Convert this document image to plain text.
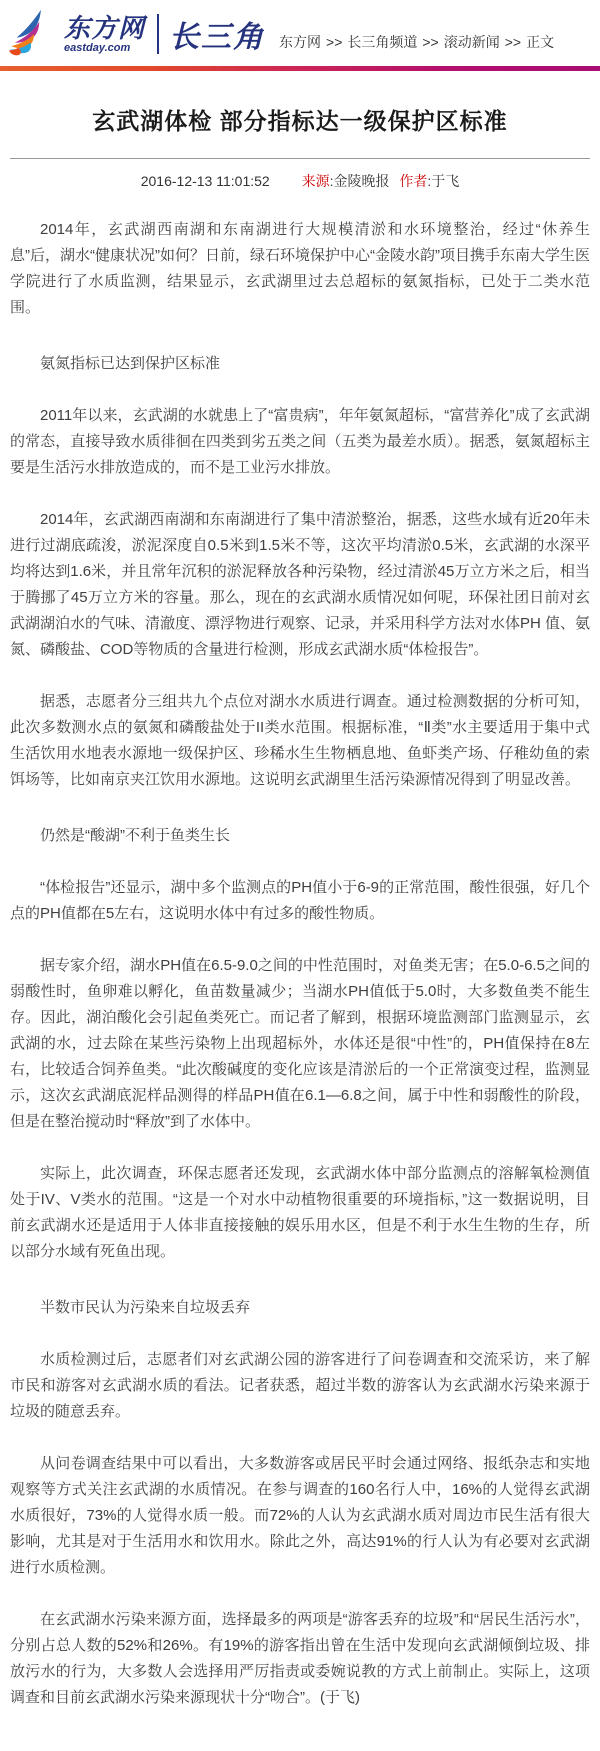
东方网
eastday.com	长三角 东方网 >> 长三角频道 >> 滚动新闻 >> 正文
玄武湖体检 部分指标达一级保护区标准
2016-12-13 11:01:52 来源:金陵晚报 作者:于飞

2014年，玄武湖西南湖和东南湖进行大规模清淤和水环境整治，经过“休养生息”后，湖水“健康状况”如何？日前，绿石环境保护中心“金陵水韵”项目携手东南大学生医学院进行了水质监测，结果显示，玄武湖里过去总超标的氨氮指标，已处于二类水范围。

氨氮指标已达到保护区标准

2011年以来，玄武湖的水就患上了“富贵病”，年年氨氮超标，“富营养化”成了玄武湖的常态，直接导致水质徘徊在四类到劣五类之间（五类为最差水质）。据悉，氨氮超标主要是生活污水排放造成的，而不是工业污水排放。

2014年，玄武湖西南湖和东南湖进行了集中清淤整治，据悉，这些水域有近20年未进行过湖底疏浚，淤泥深度自0.5米到1.5米不等，这次平均清淤0.5米，玄武湖的水深平均将达到1.6米，并且常年沉积的淤泥释放各种污染物，经过清淤45万立方米之后，相当于腾挪了45万立方米的容量。那么，现在的玄武湖水质情况如何呢，环保社团日前对玄武湖湖泊水的气味、清澈度、漂浮物进行观察、记录，并采用科学方法对水体PH 值、氨氮、磷酸盐、COD等物质的含量进行检测，形成玄武湖水质“体检报告”。

据悉，志愿者分三组共九个点位对湖水水质进行调查。通过检测数据的分析可知，此次多数测水点的氨氮和磷酸盐处于II类水范围。根据标准，“Ⅱ类”水主要适用于集中式生活饮用水地表水源地一级保护区、珍稀水生生物栖息地、鱼虾类产场、仔稚幼鱼的索饵场等，比如南京夹江饮用水源地。这说明玄武湖里生活污染源情况得到了明显改善。

仍然是“酸湖”不利于鱼类生长

“体检报告”还显示，湖中多个监测点的PH值小于6-9的正常范围，酸性很强，好几个点的PH值都在5左右，这说明水体中有过多的酸性物质。

据专家介绍，湖水PH值在6.5-9.0之间的中性范围时，对鱼类无害；在5.0-6.5之间的弱酸性时，鱼卵难以孵化，鱼苗数量减少；当湖水PH值低于5.0时，大多数鱼类不能生存。因此，湖泊酸化会引起鱼类死亡。而记者了解到，根据环境监测部门监测显示，玄武湖的水，过去除在某些污染物上出现超标外，水体还是很“中性”的，PH值保持在8左右，比较适合饲养鱼类。“此次酸碱度的变化应该是清淤后的一个正常演变过程，监测显示，这次玄武湖底泥样品测得的样品PH值在6.1—6.8之间，属于中性和弱酸性的阶段，但是在整治搅动时“释放”到了水体中。

实际上，此次调查，环保志愿者还发现，玄武湖水体中部分监测点的溶解氧检测值处于IV、V类水的范围。“这是一个对水中动植物很重要的环境指标，”这一数据说明，目前玄武湖水还是适用于人体非直接接触的娱乐用水区，但是不利于水生生物的生存，所以部分水域有死鱼出现。

半数市民认为污染来自垃圾丢弃

水质检测过后，志愿者们对玄武湖公园的游客进行了问卷调查和交流采访，来了解市民和游客对玄武湖水质的看法。记者获悉，超过半数的游客认为玄武湖水污染来源于垃圾的随意丢弃。

从问卷调查结果中可以看出，大多数游客或居民平时会通过网络、报纸杂志和实地观察等方式关注玄武湖的水质情况。在参与调查的160名行人中，16%的人觉得玄武湖水质很好，73%的人觉得水质一般。而72%的人认为玄武湖水质对周边市民生活有很大影响，尤其是对于生活用水和饮用水。除此之外，高达91%的行人认为有必要对玄武湖进行水质检测。

在玄武湖水污染来源方面，选择最多的两项是“游客丢弃的垃圾”和“居民生活污水”，分别占总人数的52%和26%。有19%的游客指出曾在生活中发现向玄武湖倾倒垃圾、排放污水的行为，大多数人会选择用严厉指责或委婉说教的方式上前制止。实际上，这项调查和目前玄武湖水污染来源现状十分“吻合”。(于飞)
